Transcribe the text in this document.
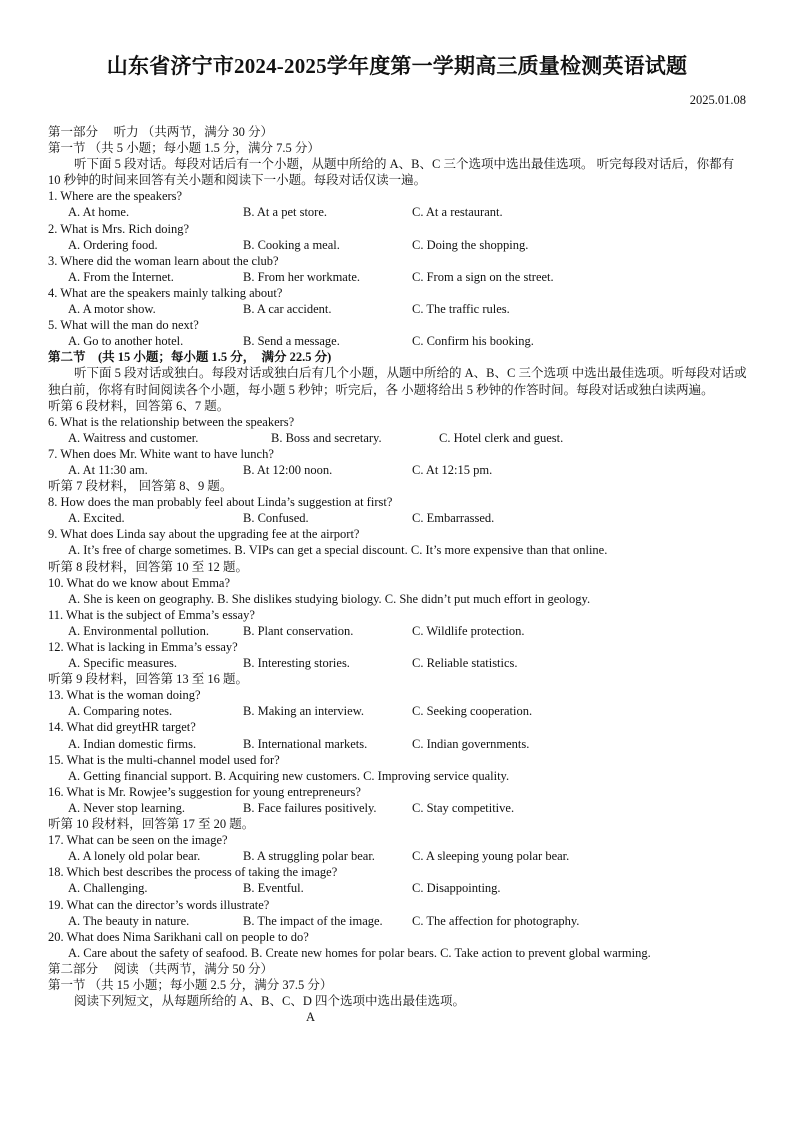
山东省济宁市2024-2025学年度第一学期高三质量检测英语试题
2025.01.08
第一部分　 听力 （共两节，满分 30 分）
第一节 （共 5 小题；每小题 1.5 分，满分 7.5 分）
听下面 5 段对话。每段对话后有一个小题，从题中所给的 A、B、C 三个选项中选出最佳选项。 听完每段对话后，你都有 10 秒钟的时间来回答有关小题和阅读下一小题。每段对话仅读一遍。
1. Where are the speakers?
A. At home.	B. At a pet store.	C. At a restaurant.
2. What is Mrs. Rich doing?
A. Ordering food.	B. Cooking a meal.	C. Doing the shopping.
3. Where did the woman learn about the club?
A. From the Internet.	B. From her workmate.	C. From a sign on the street.
4. What are the speakers mainly talking about?
A. A motor show.	B. A car accident.	C. The traffic rules.
5. What will the man do next?
A. Go to another hotel.	B. Send a message.	C. Confirm his booking.
第二节　(共 15 小题；每小题 1.5 分，　满分 22.5 分)
听下面 5 段对话或独白。每段对话或独白后有几个小题，从题中所给的 A、B、C 三个选项 中选出最佳选项。听每段对话或独白前，你将有时间阅读各个小题，每小题 5 秒钟；听完后，各 小题将给出 5 秒钟的作答时间。每段对话或独白读两遍。
听第 6 段材料，回答第 6、7 题。
6. What is the relationship between the speakers?
A. Waitress and customer.	B. Boss and secretary.	C. Hotel clerk and guest.
7. When does Mr. White want to have lunch?
A. At 11:30 am.	B. At 12:00 noon.	C. At 12:15 pm.
听第 7 段材料， 回答第 8、9 题。
8. How does the man probably feel about Linda’s suggestion at first?
A. Excited.	B. Confused.	C. Embarrassed.
9. What does Linda say about the upgrading fee at the airport?
A. It’s free of charge sometimes. B. VIPs can get a special discount. C. It’s more expensive than that online.
听第 8 段材料，回答第 10 至 12 题。
10. What do we know about Emma?
A. She is keen on geography. B. She dislikes studying biology. C. She didn’t put much effort in geology.
11. What is the subject of Emma’s essay?
A. Environmental pollution.	B. Plant conservation.	C. Wildlife protection.
12. What is lacking in Emma’s essay?
A. Specific measures.	B. Interesting stories.	C. Reliable statistics.
听第 9 段材料，回答第 13 至 16 题。
13. What is the woman doing?
A. Comparing notes.	B. Making an interview.	C. Seeking cooperation.
14. What did greytHR target?
A. Indian domestic firms.	B. International markets.	C. Indian governments.
15. What is the multi-channel model used for?
A. Getting financial support. B. Acquiring new customers. C. Improving service quality.
16. What is Mr. Rowjee’s suggestion for young entrepreneurs?
A. Never stop learning.	B. Face failures positively.	C. Stay competitive.
听第 10 段材料，回答第 17 至 20 题。
17. What can be seen on the image?
A. A lonely old polar bear.	B. A struggling polar bear.	C. A sleeping young polar bear.
18. Which best describes the process of taking the image?
A. Challenging.	B. Eventful.	C. Disappointing.
19. What can the director’s words illustrate?
A. The beauty in nature.	B. The impact of the image. C. The affection for photography.
20. What does Nima Sarikhani call on people to do?
A. Care about the safety of seafood. B. Create new homes for polar bears. C. Take action to prevent global warming.
第二部分 　阅读 （共两节，满分 50 分）
第一节 （共 15 小题；每小题 2.5 分，满分 37.5 分）
阅读下列短文，从每题所给的 A、B、C、D 四个选项中选出最佳选项。
A
